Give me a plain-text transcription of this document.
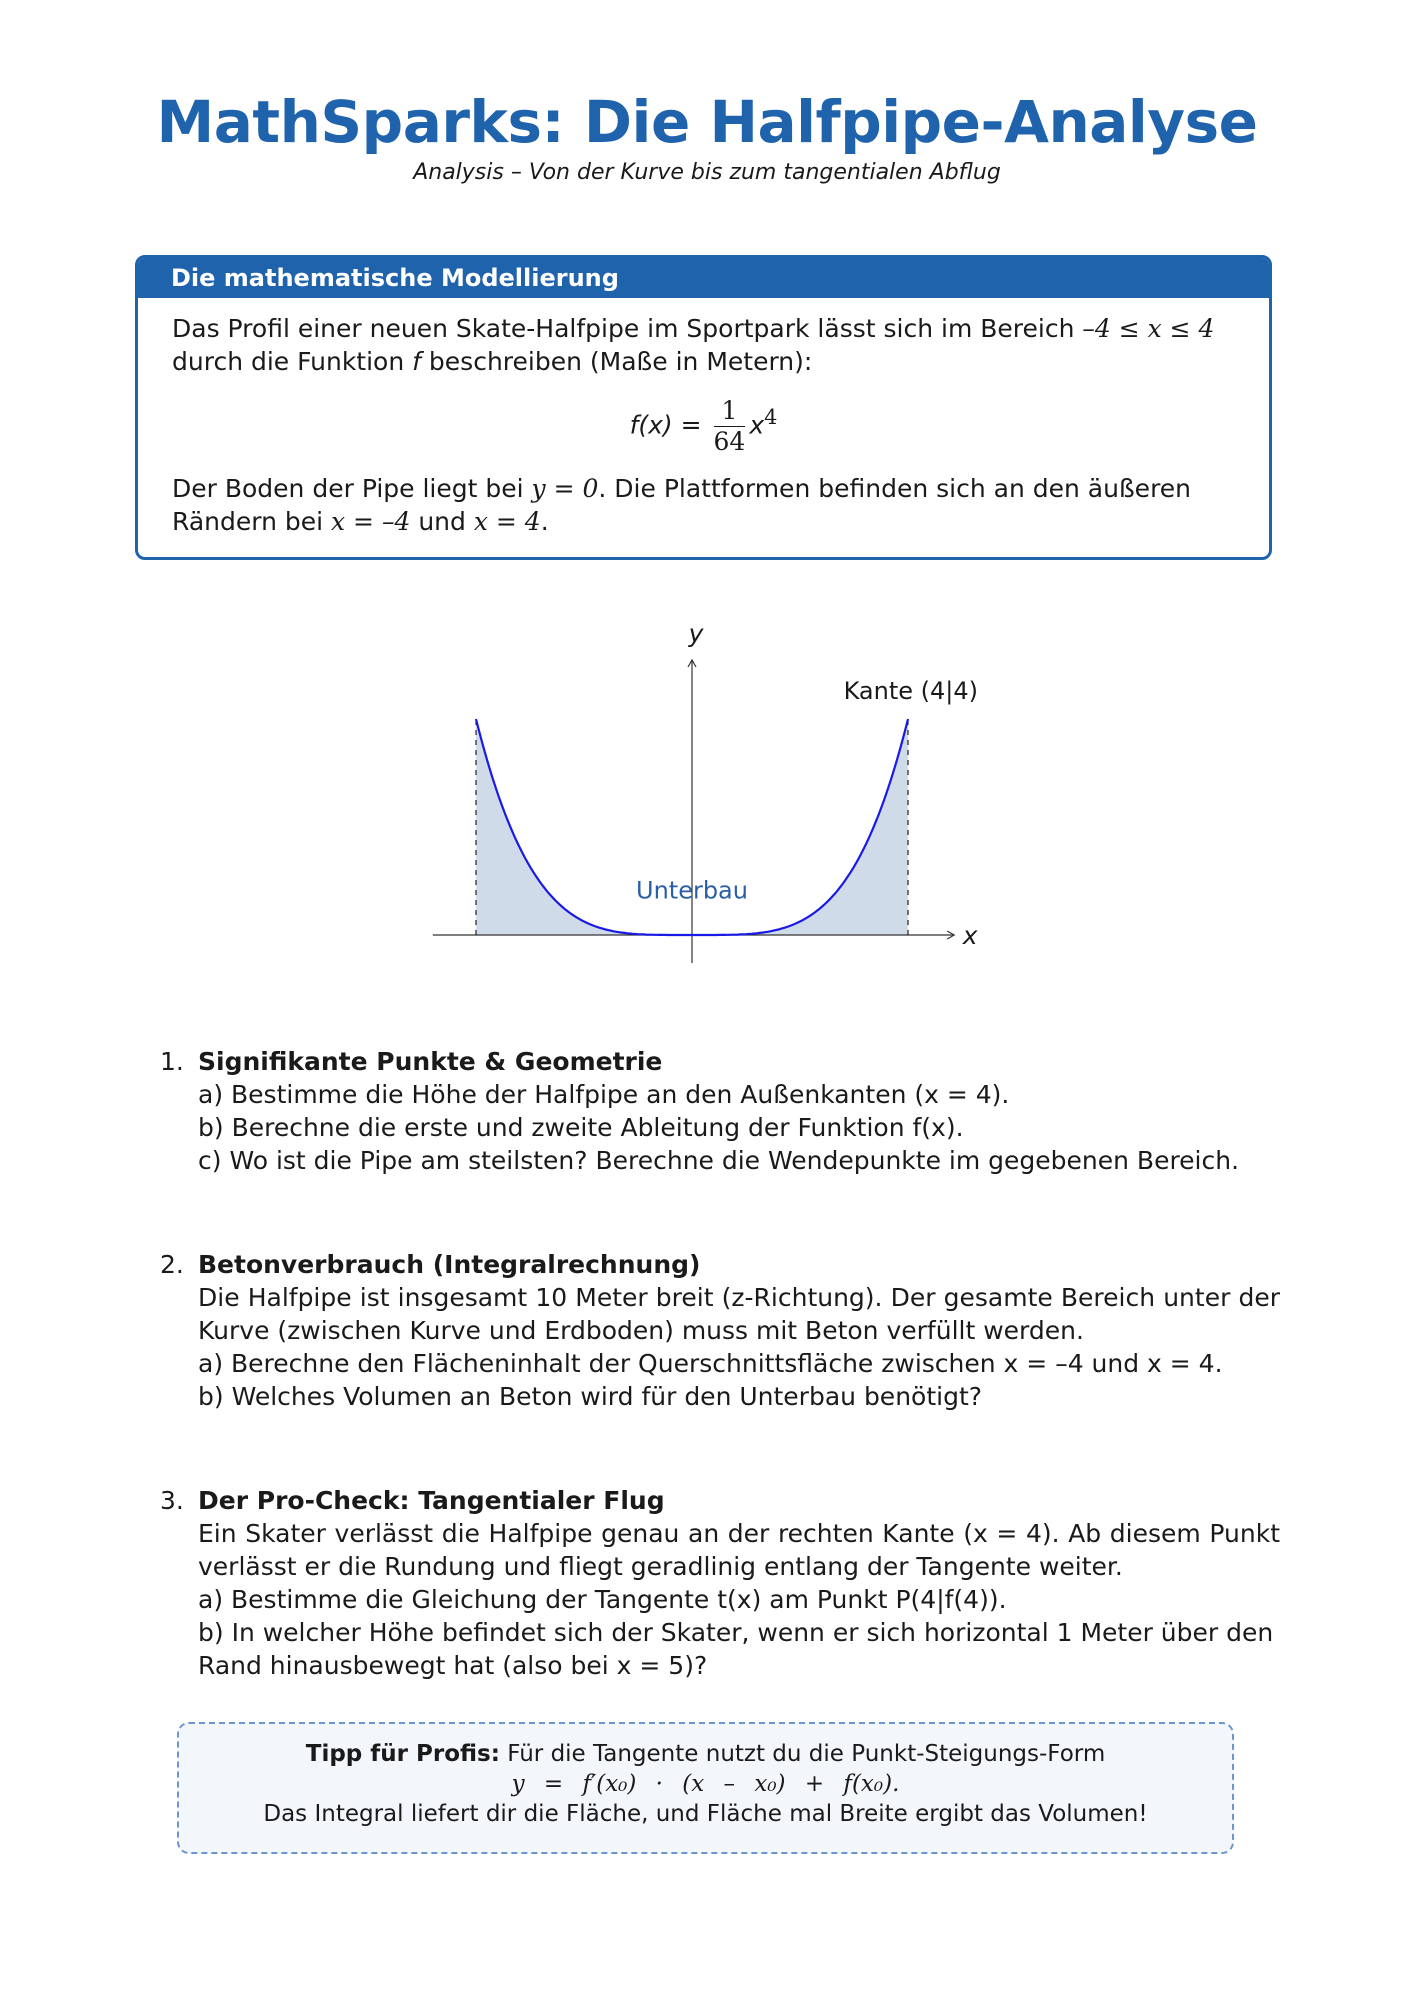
MathSparks: Die Halfpipe-Analyse
Analysis – Von der Kurve bis zum tangentialen Abflug
Die mathematische Modellierung
Das Profil einer neuen Skate-Halfpipe im Sportpark lässt sich im Bereich –4 ≤ x ≤ 4 durch die Funktion f beschreiben (Maße in Metern):
$f(x) = \frac{1}{64} x^4$
Der Boden der Pipe liegt bei y = 0. Die Plattformen befinden sich an den äußeren Rändern bei x = –4 und x = 4.
y
x
Kante (4|4)
Unterbau
1. Signifikante Punkte & Geometrie
a) Bestimme die Höhe der Halfpipe an den Außenkanten (x = 4).
b) Berechne die erste und zweite Ableitung der Funktion f(x).
c) Wo ist die Pipe am steilsten? Berechne die Wendepunkte im gegebenen Bereich.
2. Betonverbrauch (Integralrechnung)
Die Halfpipe ist insgesamt 10 Meter breit (z-Richtung). Der gesamte Bereich unter der Kurve (zwischen Kurve und Erdboden) muss mit Beton verfüllt werden.
a) Berechne den Flächeninhalt der Querschnittsfläche zwischen x = –4 und x = 4.
b) Welches Volumen an Beton wird für den Unterbau benötigt?
3. Der Pro-Check: Tangentialer Flug
Ein Skater verlässt die Halfpipe genau an der rechten Kante (x = 4). Ab diesem Punkt verlässt er die Rundung und fliegt geradlinig entlang der Tangente weiter.
a) Bestimme die Gleichung der Tangente t(x) am Punkt P(4|f(4)).
b) In welcher Höhe befindet sich der Skater, wenn er sich horizontal 1 Meter über den Rand hinausbewegt hat (also bei x = 5)?
Tipp für Profis: Für die Tangente nutzt du die Punkt-Steigungs-Form
y = f′(x₀) · (x – x₀) + f(x₀).
Das Integral liefert dir die Fläche, und Fläche mal Breite ergibt das Volumen!
